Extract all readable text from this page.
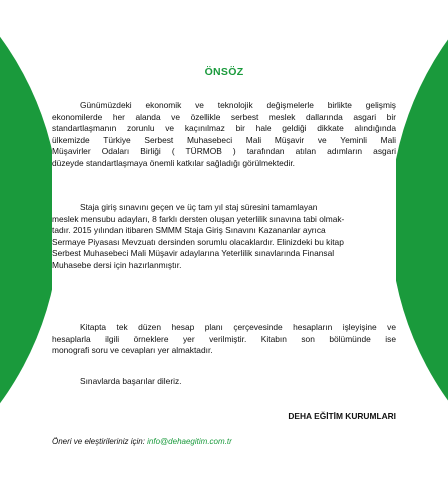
ÖNSÖZ
Günümüzdeki ekonomik ve teknolojik değişmelerle birlikte gelişmiş
ekonomilerde her alanda ve özellikle serbest meslek dallarında asgari bir
standartlaşmanın zorunlu ve kaçınılmaz bir hale geldiği dikkate alındığında
ülkemizde Türkiye Serbest Muhasebeci Mali Müşavir ve Yeminli Mali
Müşavirler Odaları Birliği ( TÜRMOB ) tarafından atılan adımların asgari
düzeyde standartlaşmaya önemli katkılar sağladığı görülmektedir.
Staja giriş sınavını geçen ve üç tam yıl staj süresini tamamlayan
meslek mensubu adayları, 8 farklı dersten oluşan yeterlilik sınavına tabi olmak-
tadır. 2015 yılından itibaren SMMM Staja Giriş Sınavını Kazananlar ayrıca
Sermaye Piyasası Mevzuatı dersinden sorumlu olacaklardır. Elinizdeki bu kitap
Serbest Muhasebeci Mali Müşavir adaylarına Yeterlilik sınavlarında Finansal
Muhasebe dersi için hazırlanmıştır.
Kitapta tek düzen hesap planı çerçevesinde hesapların işleyişine ve
hesaplarla ilgili örneklere yer verilmiştir. Kitabın son bölümünde ise
monografi soru ve cevapları yer almaktadır.
Sınavlarda başarılar dileriz.
DEHA EĞİTİM KURUMLARI
Öneri ve eleştirileriniz için: info@dehaegitim.com.tr
